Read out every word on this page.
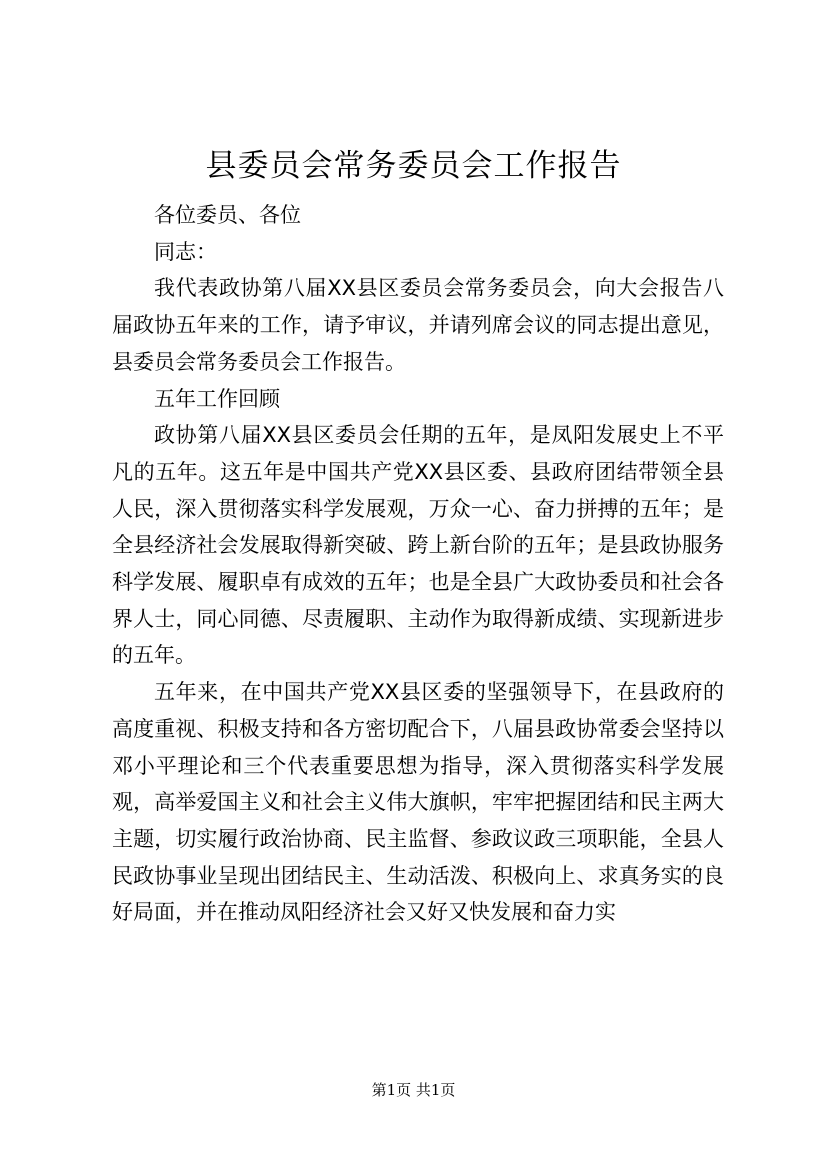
县委员会常务委员会工作报告

各位委员、各位

同志：

我代表政协第八届XX县区委员会常务委员会，向大会报告八届政协五年来的工作，请予审议，并请列席会议的同志提出意见，县委员会常务委员会工作报告。

五年工作回顾

政协第八届XX县区委员会任期的五年，是凤阳发展史上不平凡的五年。这五年是中国共产党XX县区委、县政府团结带领全县人民，深入贯彻落实科学发展观，万众一心、奋力拼搏的五年；是全县经济社会发展取得新突破、跨上新台阶的五年；是县政协服务科学发展、履职卓有成效的五年；也是全县广大政协委员和社会各界人士，同心同德、尽责履职、主动作为取得新成绩、实现新进步的五年。

五年来，在中国共产党XX县区委的坚强领导下，在县政府的高度重视、积极支持和各方密切配合下，八届县政协常委会坚持以邓小平理论和三个代表重要思想为指导，深入贯彻落实科学发展观，高举爱国主义和社会主义伟大旗帜，牢牢把握团结和民主两大主题，切实履行政治协商、民主监督、参政议政三项职能，全县人民政协事业呈现出团结民主、生动活泼、积极向上、求真务实的良好局面，并在推动凤阳经济社会又好又快发展和奋力实

第1页 共1页
